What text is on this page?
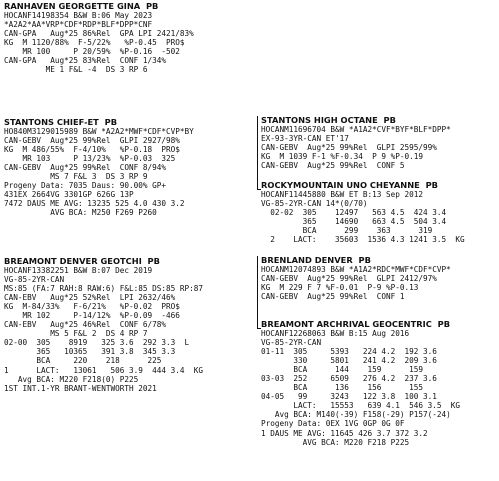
RANHAVEN GEORGETTE GINA  PB
HOCANF14198354 B&W B:06 May 2023
*A2A2*AA*VRP*CDF*RDP*BLF*DPP*CNF
CAN-GPA   Aug*25 86%Rel  GPA LPI 2421/83%
KG  M 1120/88%  F-5/22%   %P-0.45  PRO$
MR 100     P 20/59%  %P-0.16  -502
CAN-GPA   Aug*25 83%Rel  CONF 1/34%
ME 1 F&L -4  DS 3 RP 6
STANTONS CHIEF-ET  PB
HO840M3129015989 B&W *A2A2*MWF*CDF*CVP*BY
CAN-GEBV  Aug*25 99%Rel  GLPI 2927/98%
KG  M 486/55%  F-4/10%   %P-0.18  PRO$
MR 103     P 13/23%  %P-0.03  325
CAN-GEBV  Aug*25 99%Rel  CONF 8/94%
MS 7 F&L 3  DS 3 RP 9
Progeny Data: 7035 Daus: 90.00% GP+
431EX 2664VG 3301GP 626G 13P
7472 DAUS ME AVG: 13235 525 4.0 430 3.2
AVG BCA: M250 F269 P260
BREAMONT DENVER GEOTCHI  PB
HOCANF13382251 B&W B:07 Dec 2019
VG-85-2YR-CAN
MS:85 (FA:7 RAH:8 RAW:6) F&L:85 DS:85 RP:87
CAN-EBV   Aug*25 52%Rel  LPI 2632/46%
KG  M-84/33%   F-6/21%   %P-0.02  PRO$
MR 102     P-14/12%  %P-0.09  -466
CAN-EBV   Aug*25 46%Rel  CONF 6/78%
MS 5 F&L 2  DS 4 RP 7
02-00  305    8919   325 3.6  292 3.3  L
365   10365   391 3.8  345 3.3
BCA     220    218      225
1      LACT:   13061   506 3.9  444 3.4  KG
Avg BCA: M220 F218(0) P225
1ST INT.1-YR BRANT-WENTWORTH 2021
STANTONS HIGH OCTANE  PB
HOCANM11696704 B&W *A1A2*CVF*BYF*BLF*DPP*
EX-93-3YR-CAN ET'17
CAN-GEBV  Aug*25 99%Rel  GLPI 2595/99%
KG  M 1039 F-1 %F-0.34  P 9 %P-0.19
CAN-GEBV  Aug*25 99%Rel  CONF 5
ROCKYMOUNTAIN UNO CHEYANNE  PB
HOCANF11445880 B&W ET B:13 Sep 2012
VG-85-2YR-CAN 14*(0/70)
02-02  305    12497   563 4.5  424 3.4
365    14690   663 4.5  504 3.4
BCA      299    363      319
2    LACT:    35603  1536 4.3 1241 3.5  KG
BRENLAND DENVER  PB
HOCANM12074893 B&W *A1A2*RDC*MWF*CDF*CVP*
CAN-GEBV  Aug*25 99%Rel  GLPI 2412/97%
KG  M 229 F 7 %F-0.01  P-9 %P-0.13
CAN-GEBV  Aug*25 99%Rel  CONF 1
BREAMONT ARCHRIVAL GEOCENTRIC  PB
HOCANF12268063 B&W B:15 Aug 2016
VG-85-2YR-CAN
01-11  305     5393   224 4.2  192 3.6
330     5801   241 4.2  209 3.6
BCA      144    159      159
03-03  252     6509   276 4.2  237 3.6
BCA      136    156      155
04-05   99     3243   122 3.8  100 3.1
LACT:   15553   639 4.1  546 3.5  KG
Avg BCA: M140(-39) F158(-29) P157(-24)
Progeny Data: 0EX 1VG 0GP 0G 0F
1 DAUS ME AVG: 11645 426 3.7 372 3.2
AVG BCA: M220 F218 P225
